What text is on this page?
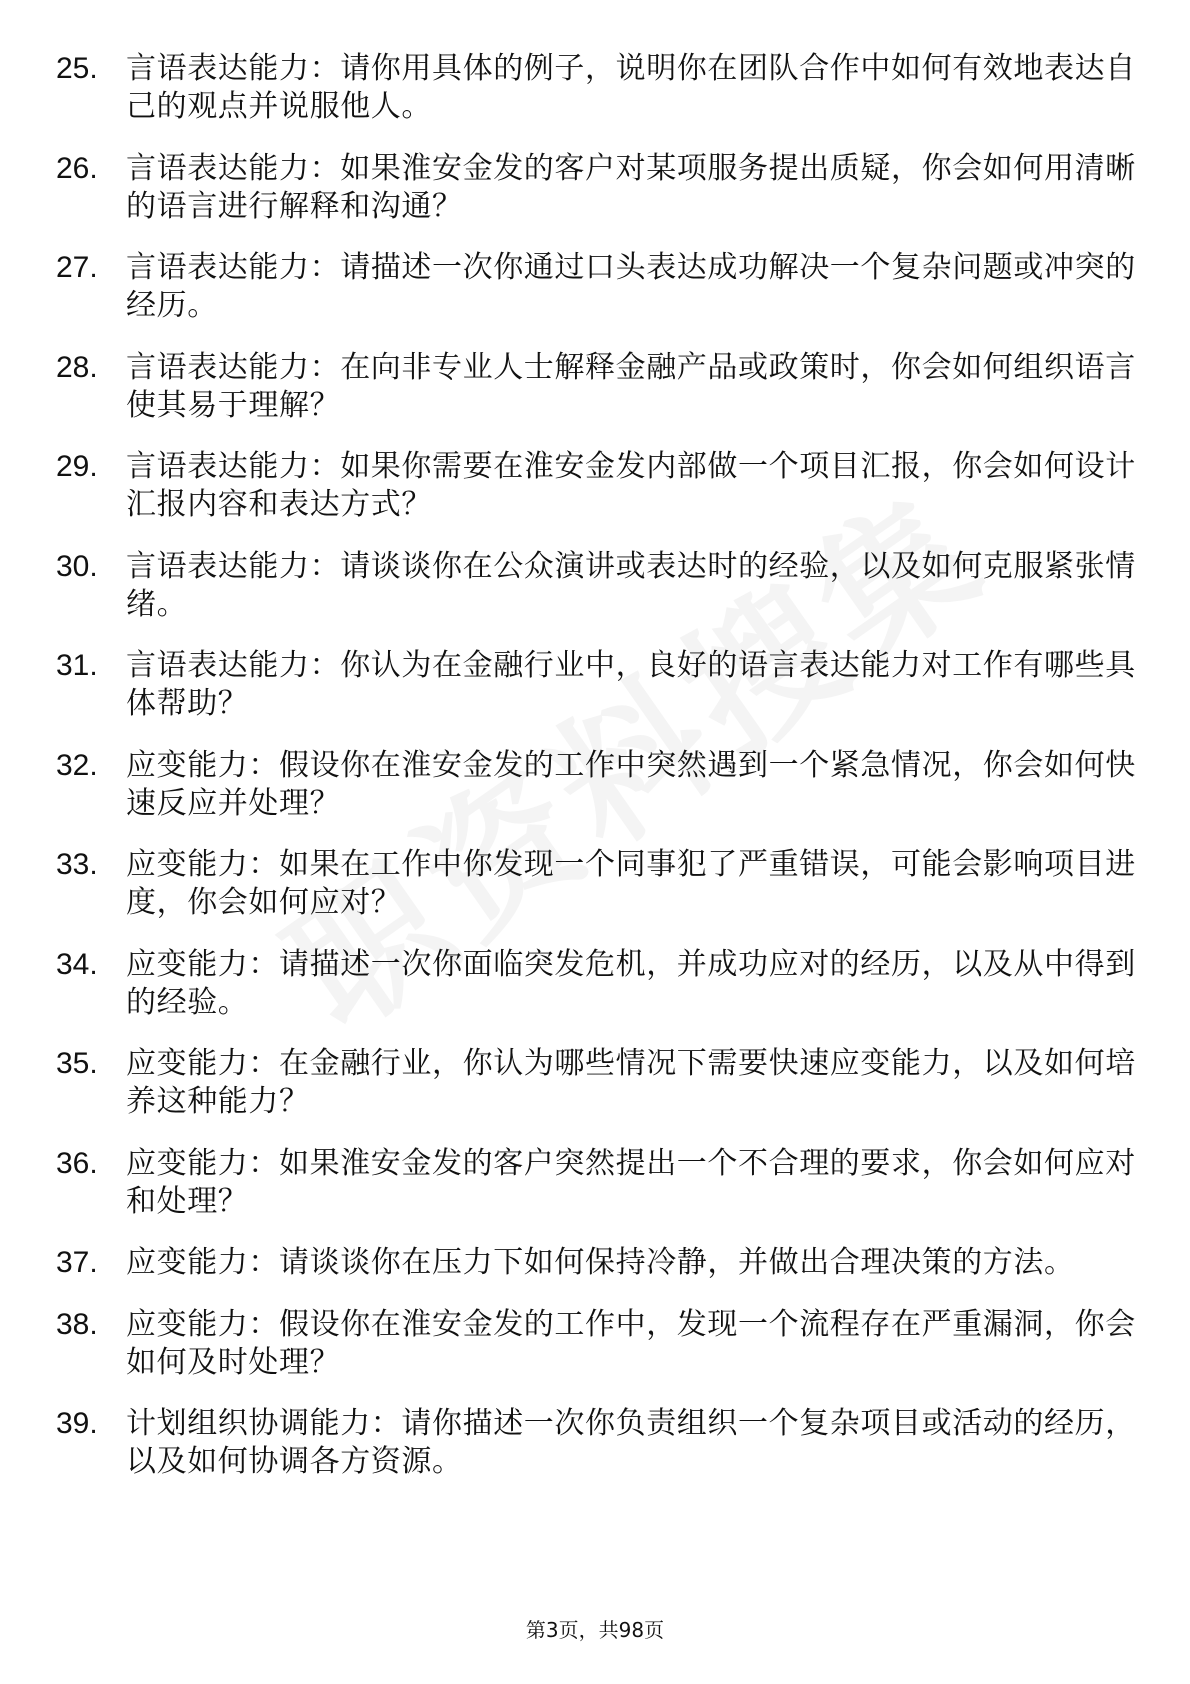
25. 言语表达能力：请你用具体的例子，说明你在团队合作中如何有效地表达自己的观点并说服他人。
26. 言语表达能力：如果淮安金发的客户对某项服务提出质疑，你会如何用清晰的语言进行解释和沟通？
27. 言语表达能力：请描述一次你通过口头表达成功解决一个复杂问题或冲突的经历。
28. 言语表达能力：在向非专业人士解释金融产品或政策时，你会如何组织语言使其易于理解？
29. 言语表达能力：如果你需要在淮安金发内部做一个项目汇报，你会如何设计汇报内容和表达方式？
30. 言语表达能力：请谈谈你在公众演讲或表达时的经验，以及如何克服紧张情绪。
31. 言语表达能力：你认为在金融行业中，良好的语言表达能力对工作有哪些具体帮助？
32. 应变能力：假设你在淮安金发的工作中突然遇到一个紧急情况，你会如何快速反应并处理？
33. 应变能力：如果在工作中你发现一个同事犯了严重错误，可能会影响项目进度，你会如何应对？
34. 应变能力：请描述一次你面临突发危机，并成功应对的经历，以及从中得到的经验。
35. 应变能力：在金融行业，你认为哪些情况下需要快速应变能力，以及如何培养这种能力？
36. 应变能力：如果淮安金发的客户突然提出一个不合理的要求，你会如何应对和处理？
37. 应变能力：请谈谈你在压力下如何保持冷静，并做出合理决策的方法。
38. 应变能力：假设你在淮安金发的工作中，发现一个流程存在严重漏洞，你会如何及时处理？
39. 计划组织协调能力：请你描述一次你负责组织一个复杂项目或活动的经历，以及如何协调各方资源。
第3页，共98页
